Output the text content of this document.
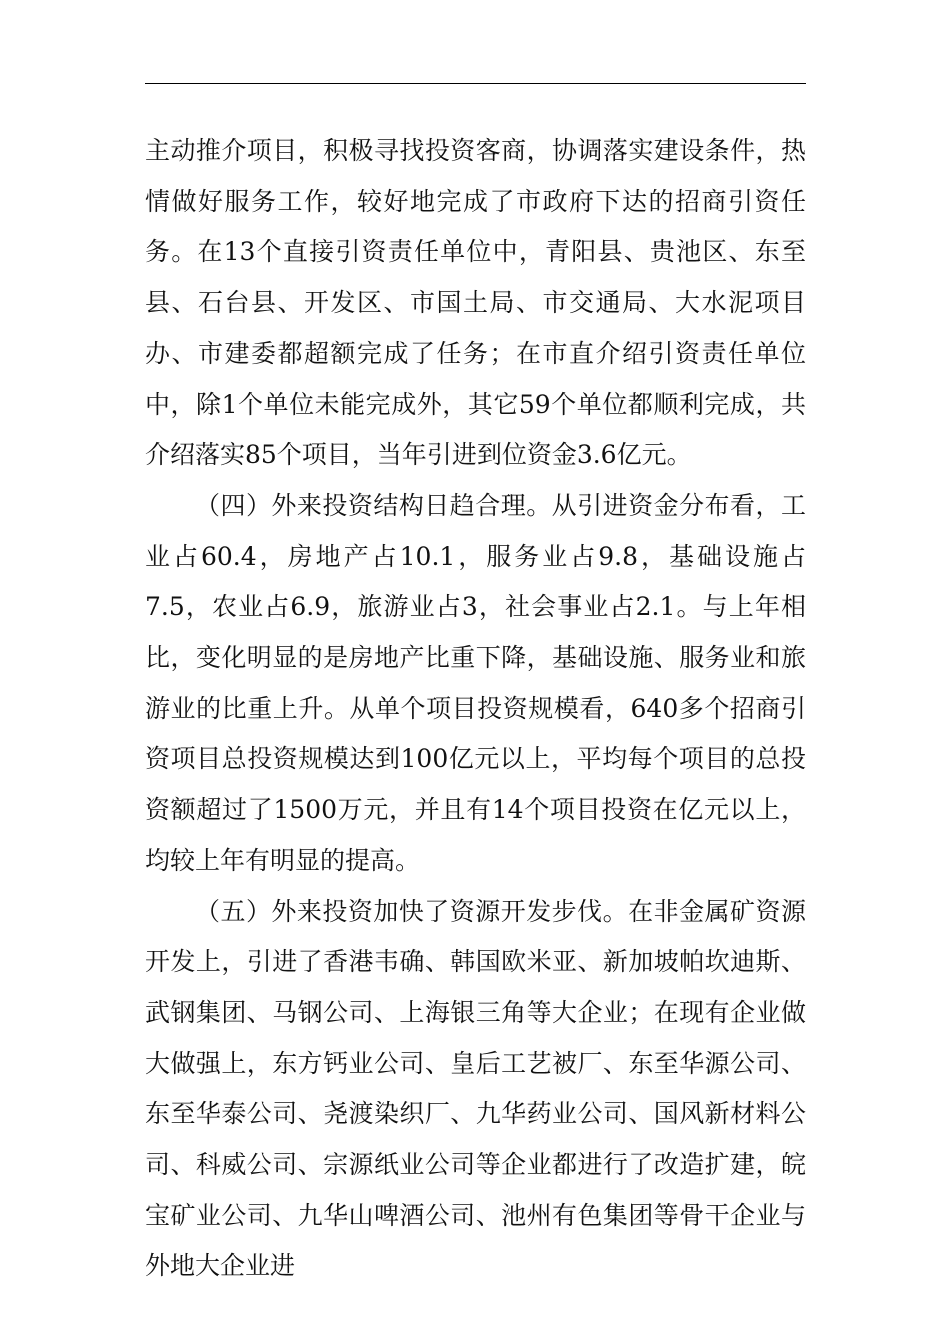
主动推介项目，积极寻找投资客商，协调落实建设条件，热情做好服务工作，较好地完成了市政府下达的招商引资任务。在13个直接引资责任单位中，青阳县、贵池区、东至县、石台县、开发区、市国土局、市交通局、大水泥项目办、市建委都超额完成了任务；在市直介绍引资责任单位中，除1个单位未能完成外，其它59个单位都顺利完成，共介绍落实85个项目，当年引进到位资金3.6亿元。

（四）外来投资结构日趋合理。从引进资金分布看，工业占60.4，房地产占10.1，服务业占9.8，基础设施占7.5，农业占6.9，旅游业占3，社会事业占2.1。与上年相比，变化明显的是房地产比重下降，基础设施、服务业和旅游业的比重上升。从单个项目投资规模看，640多个招商引资项目总投资规模达到100亿元以上，平均每个项目的总投资额超过了1500万元，并且有14个项目投资在亿元以上，均较上年有明显的提高。

（五）外来投资加快了资源开发步伐。在非金属矿资源开发上，引进了香港韦确、韩国欧米亚、新加坡帕坎迪斯、武钢集团、马钢公司、上海银三角等大企业；在现有企业做大做强上，东方钙业公司、皇后工艺被厂、东至华源公司、东至华泰公司、尧渡染织厂、九华药业公司、国风新材料公司、科威公司、宗源纸业公司等企业都进行了改造扩建，皖宝矿业公司、九华山啤酒公司、池州有色集团等骨干企业与外地大企业进
